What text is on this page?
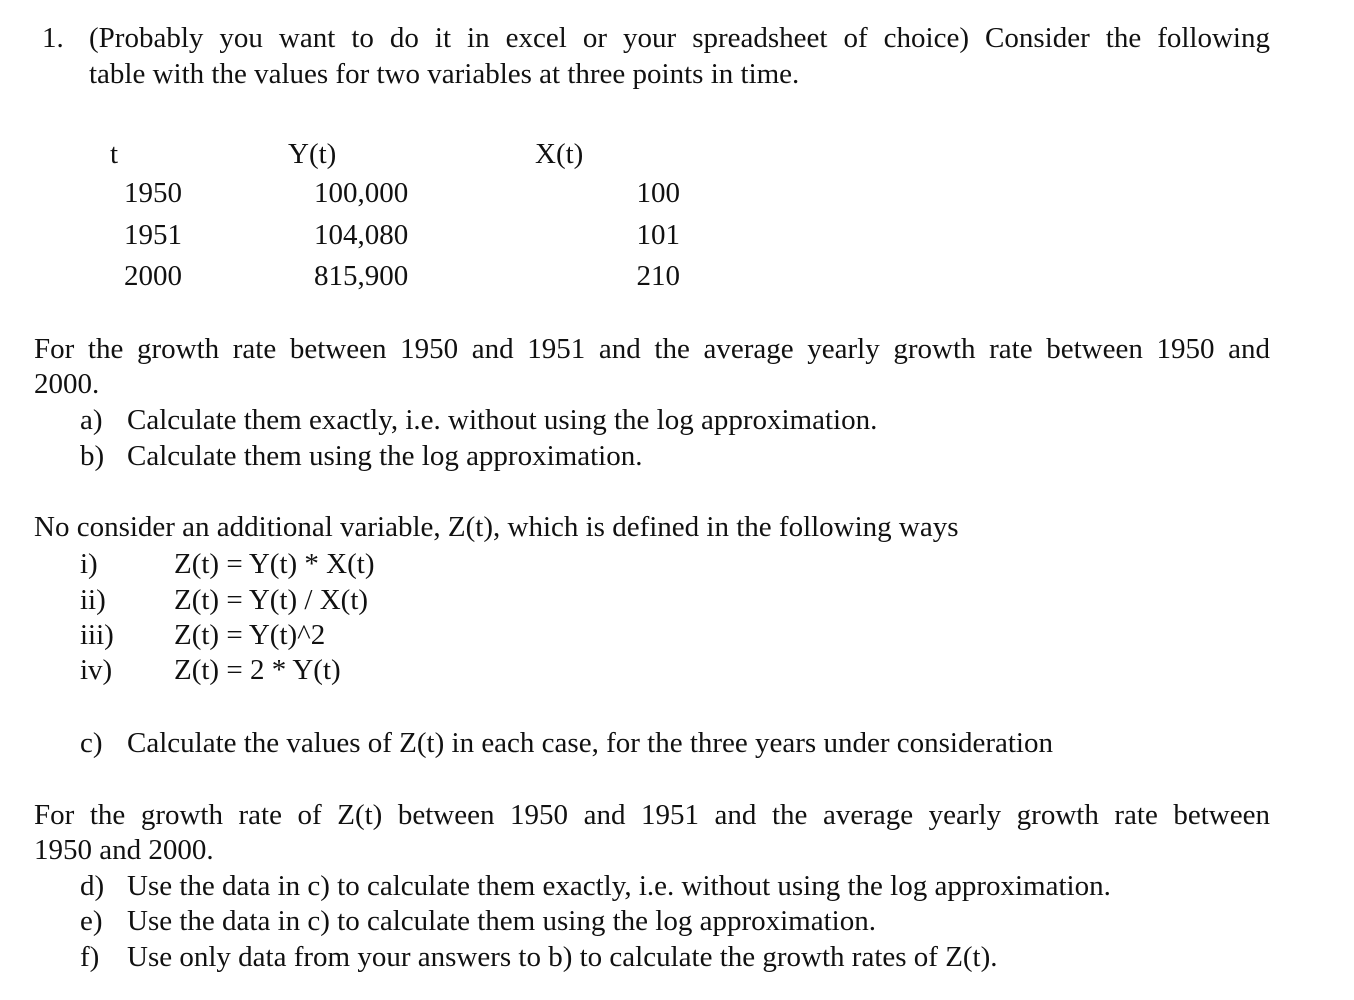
1. (Probably you want to do it in excel or your spreadsheet of choice) Consider the following
table with the values for two variables at three points in time.
t	Y(t)	X(t)
1950	100,000	100
1951	104,080	101
2000	815,900	210
For the growth rate between 1950 and 1951 and the average yearly growth rate between 1950 and
2000.
a) Calculate them exactly, i.e. without using the log approximation.
b) Calculate them using the log approximation.
No consider an additional variable, Z(t), which is defined in the following ways
i)	Z(t) = Y(t) * X(t)
ii) Z(t) = Y(t) / X(t)
iii) Z(t) = Y(t)^2
iv) Z(t) = 2 * Y(t)
c) Calculate the values of Z(t) in each case, for the three years under consideration
For the growth rate of Z(t) between 1950 and 1951 and the average yearly growth rate between
1950 and 2000.
d) Use the data in c) to calculate them exactly, i.e. without using the log approximation.
e) Use the data in c) to calculate them using the log approximation.
f) Use only data from your answers to b) to calculate the growth rates of Z(t).
